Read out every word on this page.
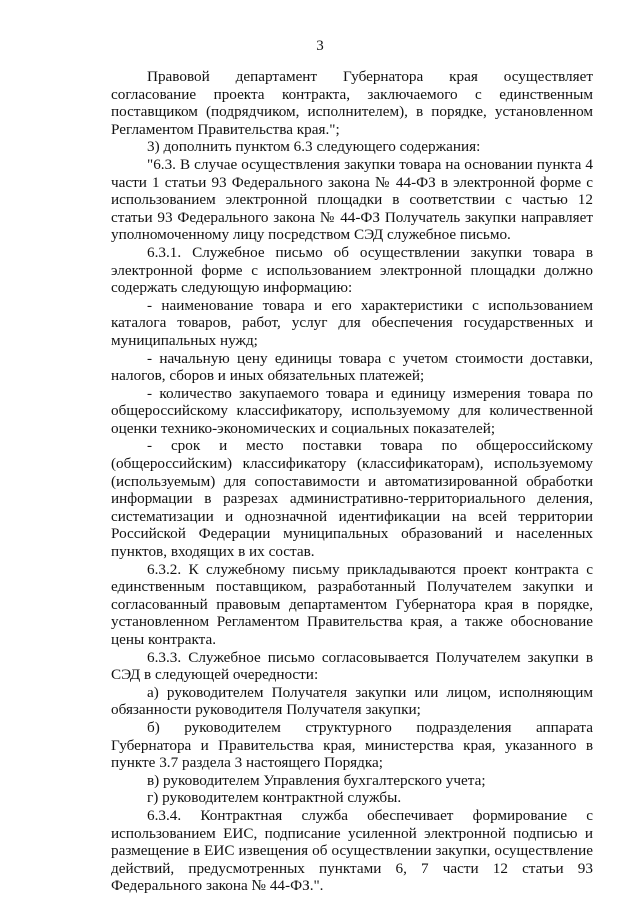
3

Правовой департамент Губернатора края осуществляет согласование проекта контракта, заключаемого с единственным поставщиком (подрядчиком, исполнителем), в порядке, установленном Регламентом Правительства края.";

3) дополнить пунктом 6.3 следующего содержания:

"6.3. В случае осуществления закупки товара на основании пункта 4 части 1 статьи 93 Федерального закона № 44-ФЗ в электронной форме с использованием электронной площадки в соответствии с частью 12 статьи 93 Федерального закона № 44-ФЗ Получатель закупки направляет уполномоченному лицу посредством СЭД служебное письмо.

6.3.1. Служебное письмо об осуществлении закупки товара в электронной форме с использованием электронной площадки должно содержать следующую информацию:

- наименование товара и его характеристики с использованием каталога товаров, работ, услуг для обеспечения государственных и муниципальных нужд;

- начальную цену единицы товара с учетом стоимости доставки, налогов, сборов и иных обязательных платежей;

- количество закупаемого товара и единицу измерения товара по общероссийскому классификатору, используемому для количественной оценки технико-экономических и социальных показателей;

- срок и место поставки товара по общероссийскому (общероссийским) классификатору (классификаторам), используемому (используемым) для сопоставимости и автоматизированной обработки информации в разрезах административно-территориального деления, систематизации и однозначной идентификации на всей территории Российской Федерации муниципальных образований и населенных пунктов, входящих в их состав.

6.3.2. К служебному письму прикладываются проект контракта с единственным поставщиком, разработанный Получателем закупки и согласованный правовым департаментом Губернатора края в порядке, установленном Регламентом Правительства края, а также обоснование цены контракта.

6.3.3. Служебное письмо согласовывается Получателем закупки в СЭД в следующей очередности:

а) руководителем Получателя закупки или лицом, исполняющим обязанности руководителя Получателя закупки;

б) руководителем структурного подразделения аппарата Губернатора и Правительства края, министерства края, указанного в пункте 3.7 раздела 3 настоящего Порядка;

в) руководителем Управления бухгалтерского учета;

г) руководителем контрактной службы.

6.3.4. Контрактная служба обеспечивает формирование с использованием ЕИС, подписание усиленной электронной подписью и размещение в ЕИС извещения об осуществлении закупки, осуществление действий, предусмотренных пунктами 6, 7 части 12 статьи 93 Федерального закона № 44-ФЗ.".
